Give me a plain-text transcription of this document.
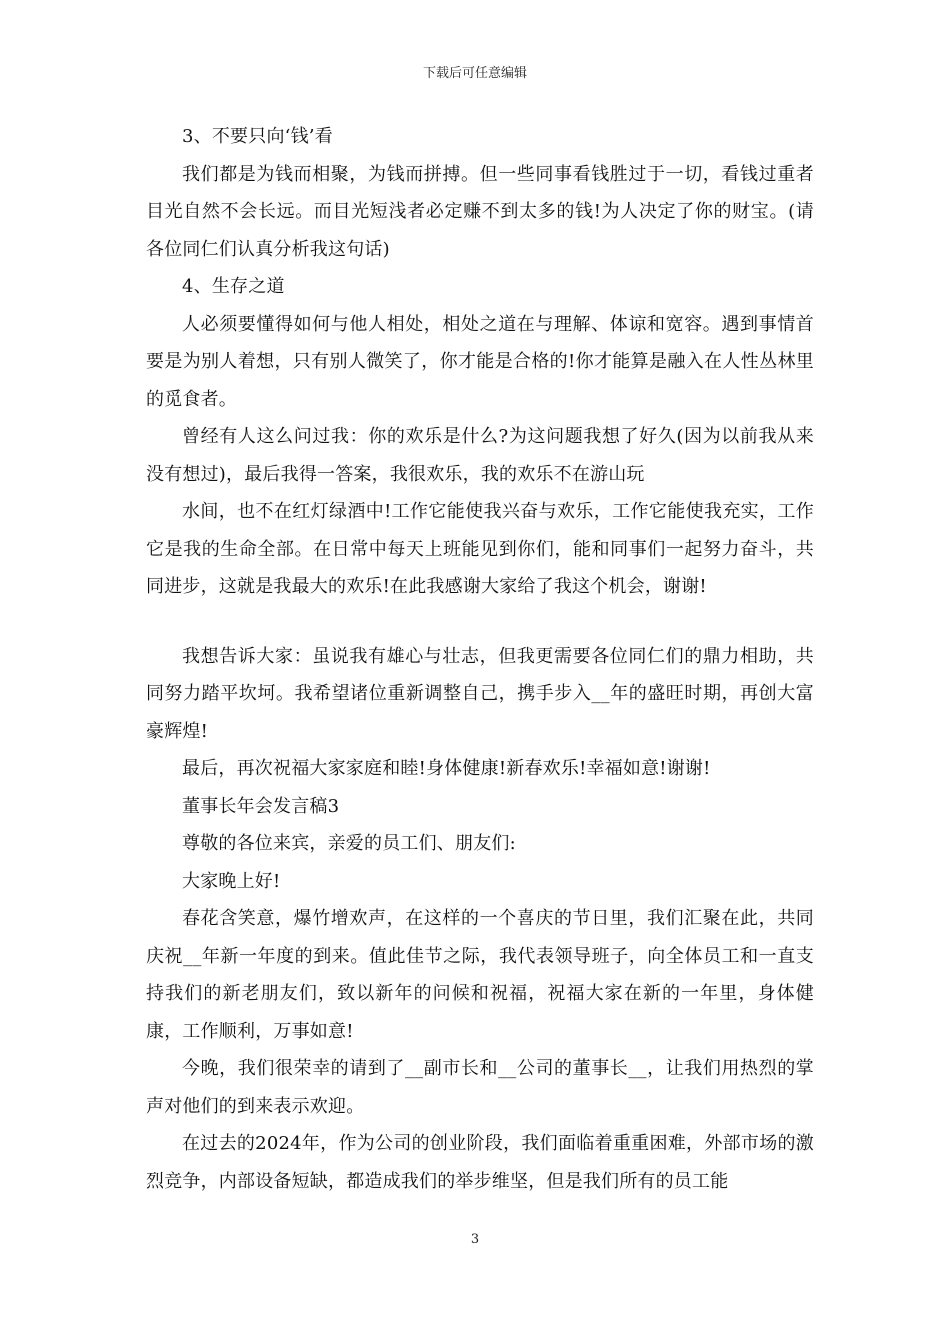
下载后可任意编辑

3、不要只向‘钱’看

我们都是为钱而相聚，为钱而拼搏。但一些同事看钱胜过于一切，看钱过重者目光自然不会长远。而目光短浅者必定赚不到太多的钱!为人决定了你的财宝。(请各位同仁们认真分析我这句话)

4、生存之道

人必须要懂得如何与他人相处，相处之道在与理解、体谅和宽容。遇到事情首要是为别人着想，只有别人微笑了，你才能是合格的!你才能算是融入在人性丛林里的觅食者。

曾经有人这么问过我：你的欢乐是什么?为这问题我想了好久(因为以前我从来没有想过)，最后我得一答案，我很欢乐，我的欢乐不在游山玩

水间，也不在红灯绿酒中!工作它能使我兴奋与欢乐，工作它能使我充实，工作它是我的生命全部。在日常中每天上班能见到你们，能和同事们一起努力奋斗，共同进步，这就是我最大的欢乐!在此我感谢大家给了我这个机会，谢谢!

我想告诉大家：虽说我有雄心与壮志，但我更需要各位同仁们的鼎力相助，共同努力踏平坎坷。我希望诸位重新调整自己，携手步入__年的盛旺时期，再创大富豪辉煌!

最后，再次祝福大家家庭和睦!身体健康!新春欢乐!幸福如意!谢谢!

董事长年会发言稿3

尊敬的各位来宾，亲爱的员工们、朋友们:

大家晚上好!

春花含笑意，爆竹增欢声，在这样的一个喜庆的节日里，我们汇聚在此，共同庆祝__年新一年度的到来。值此佳节之际，我代表领导班子，向全体员工和一直支持我们的新老朋友们，致以新年的问候和祝福，祝福大家在新的一年里，身体健康，工作顺利，万事如意!

今晚，我们很荣幸的请到了__副市长和__公司的董事长__，让我们用热烈的掌声对他们的到来表示欢迎。

在过去的2024年，作为公司的创业阶段，我们面临着重重困难，外部市场的激烈竞争，内部设备短缺，都造成我们的举步维坚，但是我们所有的员工能

3
